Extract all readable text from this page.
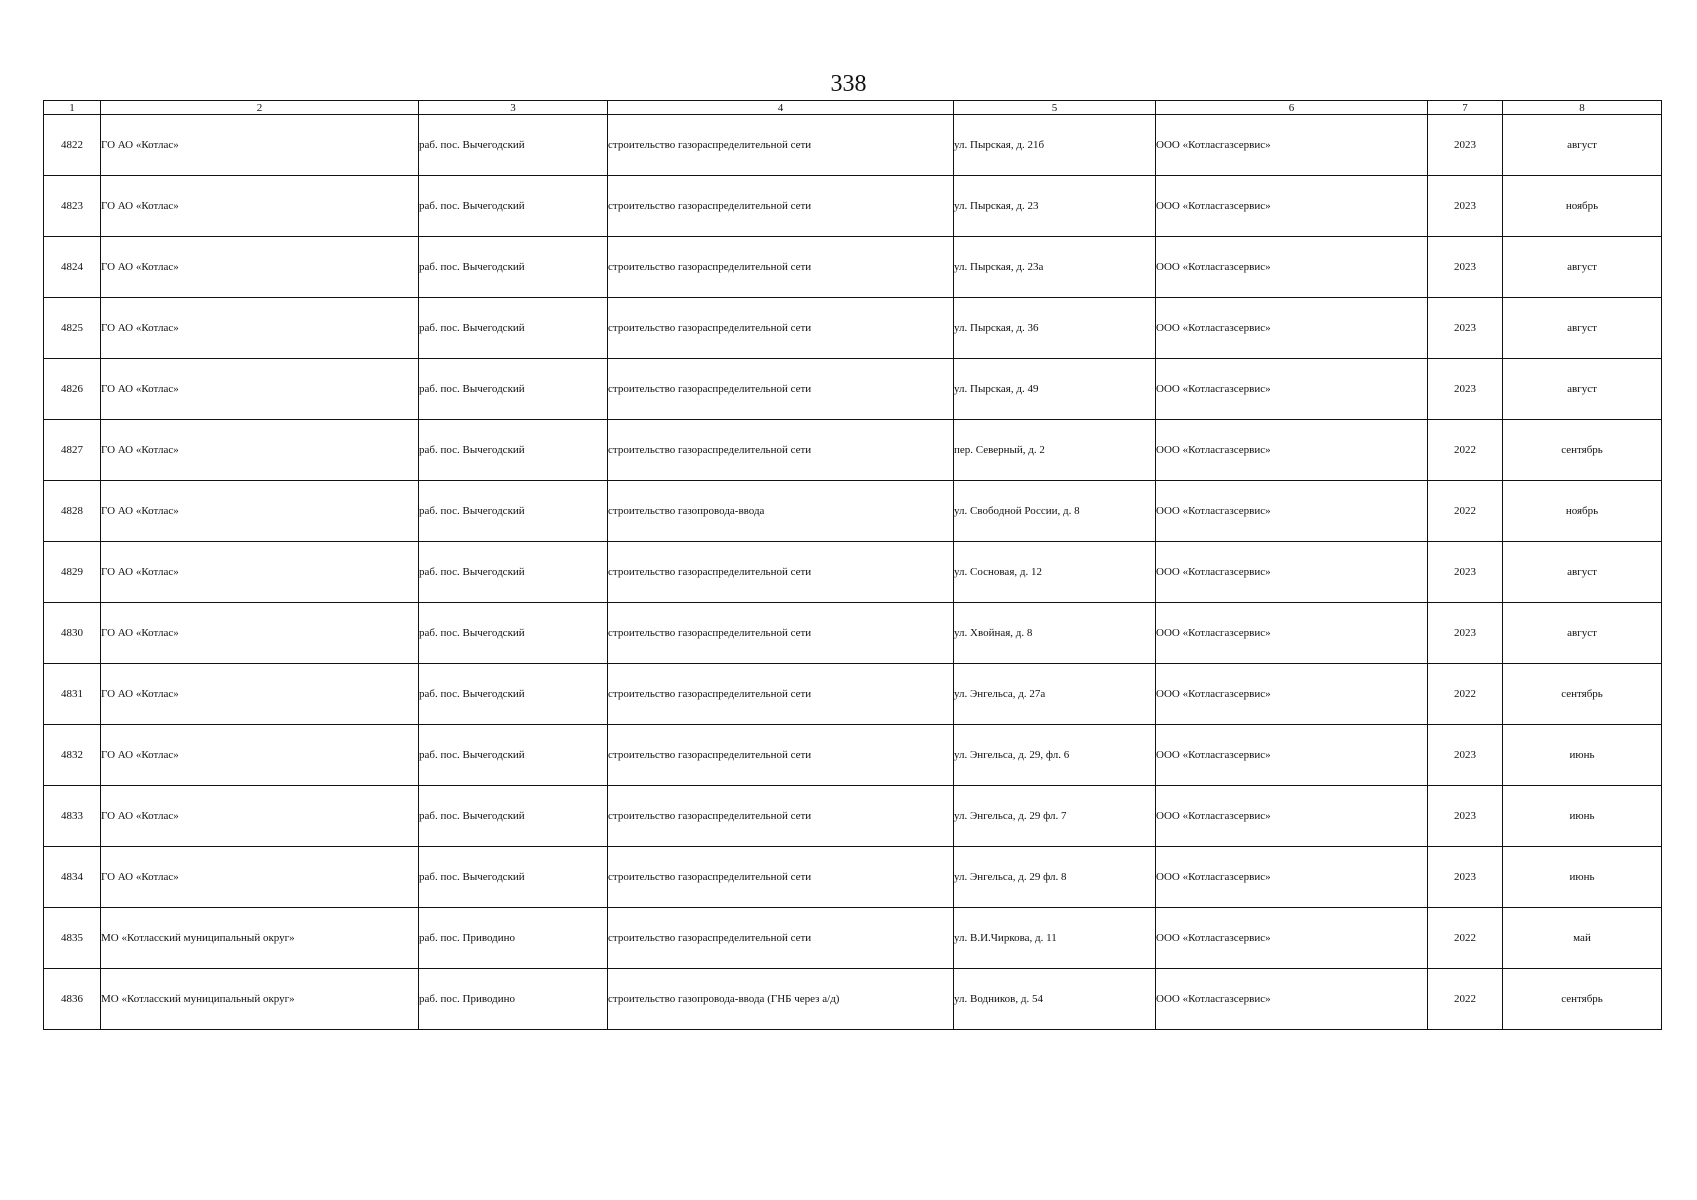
338
1	2	3	4	5	6	7	8
4822	ГО АО «Котлас»	раб. пос. Вычегодский	строительство газораспределительной сети	ул. Пырская, д. 21б	ООО «Котласгазсервис»	2023	август
4823	ГО АО «Котлас»	раб. пос. Вычегодский	строительство газораспределительной сети	ул. Пырская, д. 23	ООО «Котласгазсервис»	2023	ноябрь
4824	ГО АО «Котлас»	раб. пос. Вычегодский	строительство газораспределительной сети	ул. Пырская, д. 23а	ООО «Котласгазсервис»	2023	август
4825	ГО АО «Котлас»	раб. пос. Вычегодский	строительство газораспределительной сети	ул. Пырская, д. 36	ООО «Котласгазсервис»	2023	август
4826	ГО АО «Котлас»	раб. пос. Вычегодский	строительство газораспределительной сети	ул. Пырская, д. 49	ООО «Котласгазсервис»	2023	август
4827	ГО АО «Котлас»	раб. пос. Вычегодский	строительство газораспределительной сети	пер. Северный, д. 2	ООО «Котласгазсервис»	2022	сентябрь
4828	ГО АО «Котлас»	раб. пос. Вычегодский	строительство газопровода-ввода	ул. Свободной России, д. 8	ООО «Котласгазсервис»	2022	ноябрь
4829	ГО АО «Котлас»	раб. пос. Вычегодский	строительство газораспределительной сети	ул. Сосновая, д. 12	ООО «Котласгазсервис»	2023	август
4830	ГО АО «Котлас»	раб. пос. Вычегодский	строительство газораспределительной сети	ул. Хвойная, д. 8	ООО «Котласгазсервис»	2023	август
4831	ГО АО «Котлас»	раб. пос. Вычегодский	строительство газораспределительной сети	ул. Энгельса, д. 27а	ООО «Котласгазсервис»	2022	сентябрь
4832	ГО АО «Котлас»	раб. пос. Вычегодский	строительство газораспределительной сети	ул. Энгельса, д. 29, фл. 6	ООО «Котласгазсервис»	2023	июнь
4833	ГО АО «Котлас»	раб. пос. Вычегодский	строительство газораспределительной сети	ул. Энгельса, д. 29 фл. 7	ООО «Котласгазсервис»	2023	июнь
4834	ГО АО «Котлас»	раб. пос. Вычегодский	строительство газораспределительной сети	ул. Энгельса, д. 29 фл. 8	ООО «Котласгазсервис»	2023	июнь
4835	МО «Котласский муниципальный округ»	раб. пос. Приводино	строительство газораспределительной сети	ул. В.И.Чиркова, д. 11	ООО «Котласгазсервис»	2022	май
4836	МО «Котласский муниципальный округ»	раб. пос. Приводино	строительство газопровода-ввода (ГНБ через а/д)	ул. Водников, д. 54	ООО «Котласгазсервис»	2022	сентябрь
